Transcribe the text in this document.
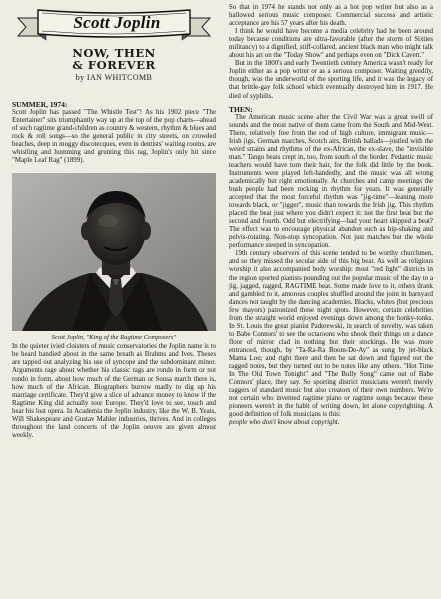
Scott Joplin
NOW, THEN
& FOREVER
by IAN WHITCOMB
SUMMER, 1974:

Scott Joplin has passed "The Whistle Test"! As his 1902 piece "The Entertainer" sits triumphantly way up at the top of the pop charts—ahead of such ragtime grand-children as country & western, rhythm & blues and rock & roll songs—so the general public in city streets, on crowded beaches, deep in muggy discotecques, even in dentists' waiting rooms, are whistling and humming and grunting this rag, Joplin's only hit since "Maple Leaf Rag" (1899).

Scott Joplin, "King of the Ragtime Composers"

In the quieter ivied cloisters of music conservatories the Joplin name is to be heard bandied about in the same breath as Brahms and Ives. Theses are tapped out analyzing his use of syncope and the subdominant minor. Arguments rage about whether his classic rags are rondo in form or not rondo in form, about how much of the German or Sousa march there is, how much of the African. Biographers burrow madly to dig up his marriage certificate. They'd give a slice of advance money to know if the Ragtime King did actually tour Europe. They'd love to see, touch and hear his lost opera. In Academia the Joplin industry, like the W. B. Yeats, Will Shakespeare and Gustav Mahler industries, thrives. And in colleges throughout the land concerts of the Joplin oeuvre are given almost weekly.

So that in 1974 he stands not only as a hot pop writer but also as a hallowed serious music composer. Commercial success and artistic acceptance are his 57 years after his death.

I think he would have become a media celebrity had he been around today because conditions are ultra-favorable (after the storm of Sixties militancy) to a dignified, stiff-collared, ancient black man who might talk about his art on the "Today Show" and perhaps even on "Dick Cavett."

But in the 1800's and early Twentieth century America wasn't ready for Joplin either as a pop writer or as a serious composer. Waiting greedily, though, was the underworld of the sporting life, and it was the legacy of that brittle-gay folk school which eventually destroyed him in 1917. He died of syphilis.

THEN:

The American music scene after the Civil War was a great swill of sounds and the most native of them came from the South and Mid-West. There, relatively free from the rod of high culture, immigrant music—Irish jigs, German marches, Scotch airs, British ballads—jostled with the weird strains and rhythms of the ex-African, the ex-slave, the "invisible man." Tango beats crept in, too, from south of the border. Pedantic music teachers would have torn their hair, for the folk did little by the book. Instruments were played left-handedly, and the music was all wrong academically but right emotionally. At churches and camp meetings the bush people had been rocking in rhythm for years. It was generally accepted that the most forceful rhythm was "jig-time"—leaning more towards black, or "jigger", music than towards the Irish jig. This rhythm placed the beat just where you didn't expect it: not the first beat but the second and fourth. Odd but electrifying—had your heart skipped a beat? The effect was to encourage physical abandon such as hip-shaking and pelvis-rotating. Non-stop syncopation. Not just matches but the whole performance steeped in syncopation.

19th century observers of this scene tended to be worthy churchmen, and so they missed the secular side of this big beat. As well as religious worship it also accompanied body worship: most "red light" districts in the region sported pianists pounding out the popular music of the day to a jig, jagged, ragged, RAGTIME beat. Some made love to it, others drank and gambled to it, amorous couples shuffled around the joint in barnyard dances not taught by the dancing academies. Blacks, whites (but precious few mayors) patronized these night spots. However, certain celebrities from the straight world enjoyed evenings down among the honky-tonks. In St. Louis the great pianist Paderewski, in search of novelty, was taken to Babe Connors' to see the octaroons who shook their things on a dance floor of mirror clad in nothing but their stockings. He was more entranced, though, by "Ta-Ra-Ra Boom-De-Ay" as sung by jet-black Mama Lou; and right there and then he sat down and figured out the ragged notes, but they turned out to be notes like any others. "Hot Time In The Old Town Tonight" and "The Bully Song" came out of Babe Connors' place, they say. So sporting district musicians weren't merely raggers of standard music but also creators of their own numbers. We're not certain who invented ragtime piano or ragtime songs because these pioneers weren't in the habit of writing down, let alone copyrighting. A good definition of folk musicians is this:

people who don't know about copyright.
